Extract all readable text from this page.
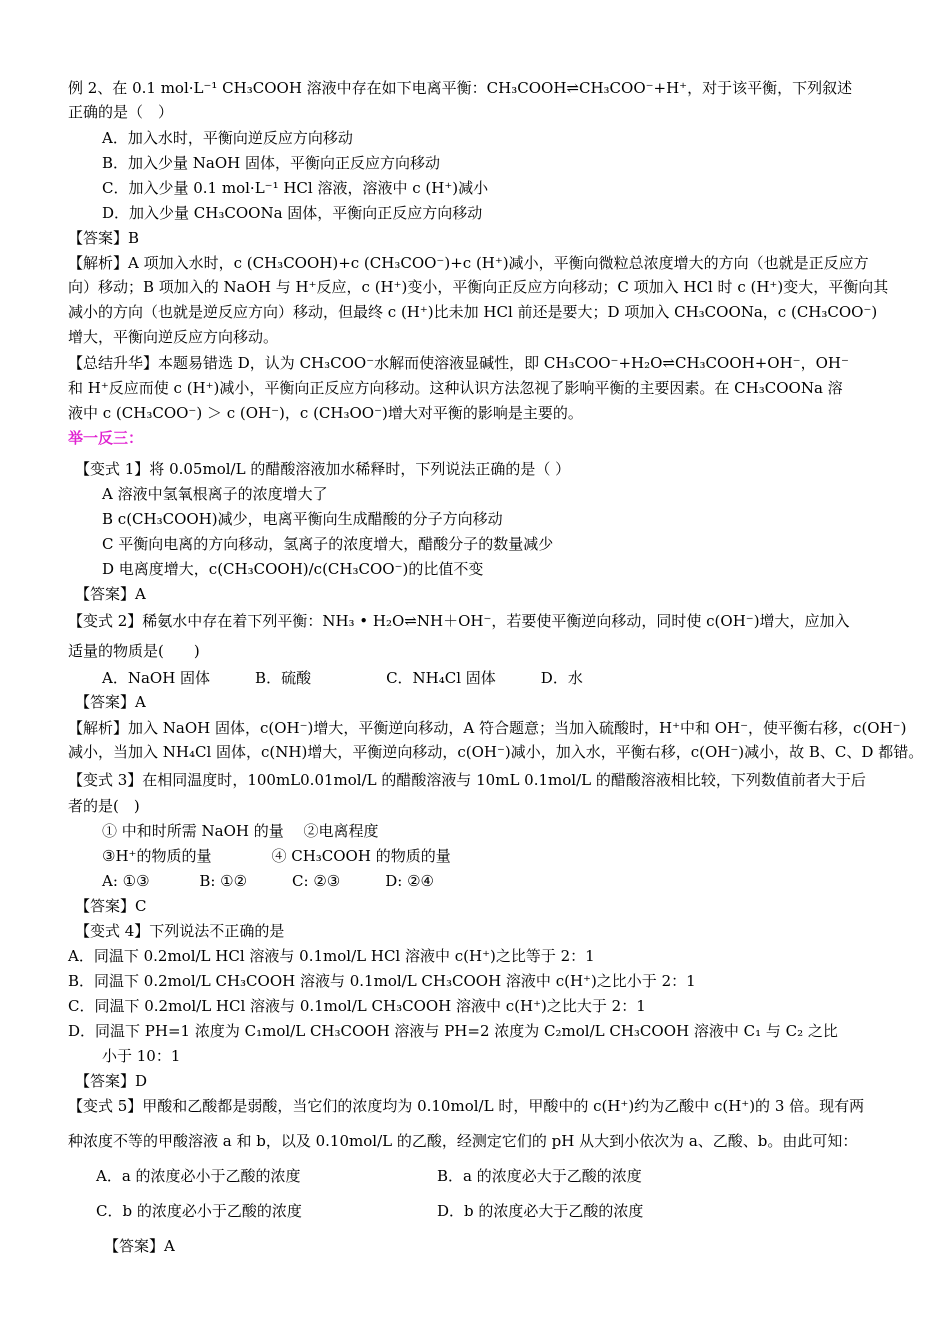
例 2、在 0.1 mol·L⁻¹ CH₃COOH 溶液中存在如下电离平衡：CH₃COOH⇌CH₃COO⁻+H⁺，对于该平衡，下列叙述
正确的是（　）
A．加入水时，平衡向逆反应方向移动
B．加入少量 NaOH 固体，平衡向正反应方向移动
C．加入少量 0.1 mol·L⁻¹ HCl 溶液，溶液中 c (H⁺)减小
D．加入少量 CH₃COONa 固体，平衡向正反应方向移动
【答案】B
【解析】A 项加入水时，c (CH₃COOH)+c (CH₃COO⁻)+c (H⁺)减小，平衡向微粒总浓度增大的方向（也就是正反应方
向）移动；B 项加入的 NaOH 与 H⁺反应，c (H⁺)变小，平衡向正反应方向移动；C 项加入 HCl 时 c (H⁺)变大，平衡向其
减小的方向（也就是逆反应方向）移动，但最终 c (H⁺)比未加 HCl 前还是要大；D 项加入 CH₃COONa，c (CH₃COO⁻)
增大，平衡向逆反应方向移动。
【总结升华】本题易错选 D，认为 CH₃COO⁻水解而使溶液显碱性，即 CH₃COO⁻+H₂O⇌CH₃COOH+OH⁻，OH⁻
和 H⁺反应而使 c (H⁺)减小，平衡向正反应方向移动。这种认识方法忽视了影响平衡的主要因素。在 CH₃COONa 溶
液中 c (CH₃COO⁻) ＞ c (OH⁻)，c (CH₃OO⁻)增大对平衡的影响是主要的。
举一反三：
【变式 1】将 0.05mol/L 的醋酸溶液加水稀释时，下列说法正确的是（ ）
A 溶液中氢氧根离子的浓度增大了
B c(CH₃COOH)减少，电离平衡向生成醋酸的分子方向移动
C 平衡向电离的方向移动，氢离子的浓度增大，醋酸分子的数量减少
D 电离度增大，c(CH₃COOH)/c(CH₃COO⁻)的比值不变
【答案】A
【变式 2】稀氨水中存在着下列平衡：NH₃ • H₂O⇌NH＋OH⁻，若要使平衡逆向移动，同时使 c(OH⁻)增大，应加入
适量的物质是(　　)
A．NaOH 固体　　　B．硫酸　　　　　C．NH₄Cl 固体　　　D．水
【答案】A
【解析】加入 NaOH 固体，c(OH⁻)增大，平衡逆向移动，A 符合题意；当加入硫酸时，H⁺中和 OH⁻，使平衡右移，c(OH⁻)
减小，当加入 NH₄Cl 固体，c(NH)增大，平衡逆向移动，c(OH⁻)减小，加入水，平衡右移，c(OH⁻)减小，故 B、C、D 都错。
【变式 3】在相同温度时，100mL0.01mol/L 的醋酸溶液与 10mL 0.1mol/L 的醋酸溶液相比较，下列数值前者大于后
者的是(　)
① 中和时所需 NaOH 的量　 ②电离程度
③H⁺的物质的量　　　　④ CH₃COOH 的物质的量
A: ①③　　　 B: ①②　　　C: ②③　　　D: ②④
【答案】C
【变式 4】下列说法不正确的是
A．同温下 0.2mol/L HCl 溶液与 0.1mol/L HCl 溶液中 c(H⁺)之比等于 2：1
B．同温下 0.2mol/L CH₃COOH 溶液与 0.1mol/L CH₃COOH 溶液中 c(H⁺)之比小于 2：1
C．同温下 0.2mol/L HCl 溶液与 0.1mol/L CH₃COOH 溶液中 c(H⁺)之比大于 2：1
D．同温下 PH=1 浓度为 C₁mol/L CH₃COOH 溶液与 PH=2 浓度为 C₂mol/L CH₃COOH 溶液中 C₁ 与 C₂ 之比
小于 10：1
【答案】D
【变式 5】甲酸和乙酸都是弱酸，当它们的浓度均为 0.10mol/L 时，甲酸中的 c(H⁺)约为乙酸中 c(H⁺)的 3 倍。现有两
种浓度不等的甲酸溶液 a 和 b，以及 0.10mol/L 的乙酸，经测定它们的 pH 从大到小依次为 a、乙酸、b。由此可知：
A．a 的浓度必小于乙酸的浓度	B．a 的浓度必大于乙酸的浓度
C．b 的浓度必小于乙酸的浓度	D．b 的浓度必大于乙酸的浓度
【答案】A
